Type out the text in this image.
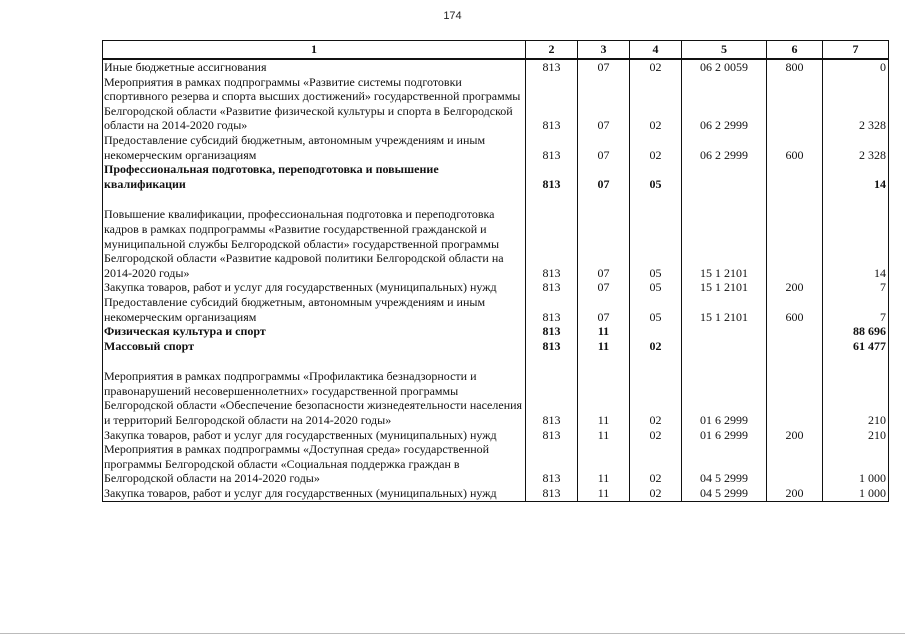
174
1	2	3	4	5	6	7
Иные бюджетные ассигнования	813	07	02	06 2 0059	800	0
Мероприятия в рамках подпрограммы «Развитие системы подготовки спортивного резерва и спорта высших достижений» государственной программы Белгородской области «Развитие физической культуры и спорта в Белгородской области на 2014-2020 годы»	813	07	02	06 2 2999		2 328
Предоставление субсидий бюджетным, автономным учреждениям и иным некомерческим организациям	813	07	02	06 2 2999	600	2 328
Профессиональная подготовка, переподготовка и повышение квалификации	813	07	05			14
Повышение квалификации, профессиональная подготовка и переподготовка кадров в рамках подпрограммы «Развитие государственной гражданской и муниципальной службы Белгородской области» государственной программы Белгородской области «Развитие кадровой политики Белгородской области на 2014-2020 годы»	813	07	05	15 1 2101		14
Закупка товаров, работ и услуг для государственных (муниципальных) нужд	813	07	05	15 1 2101	200	7
Предоставление субсидий бюджетным, автономным учреждениям и иным некомерческим организациям	813	07	05	15 1 2101	600	7
Физическая культура и спорт	813	11				88 696
Массовый спорт	813	11	02			61 477
Мероприятия в рамках подпрограммы «Профилактика безнадзорности и правонарушений несовершеннолетних» государственной программы Белгородской области «Обеспечение безопасности жизнедеятельности населения и территорий Белгородской области на 2014-2020 годы»	813	11	02	01 6 2999		210
Закупка товаров, работ и услуг для государственных (муниципальных) нужд	813	11	02	01 6 2999	200	210
Мероприятия в рамках подпрограммы «Доступная среда» государственной программы Белгородской области «Социальная поддержка граждан в Белгородской области на 2014-2020 годы»	813	11	02	04 5 2999		1 000
Закупка товаров, работ и услуг для государственных (муниципальных) нужд	813	11	02	04 5 2999	200	1 000
